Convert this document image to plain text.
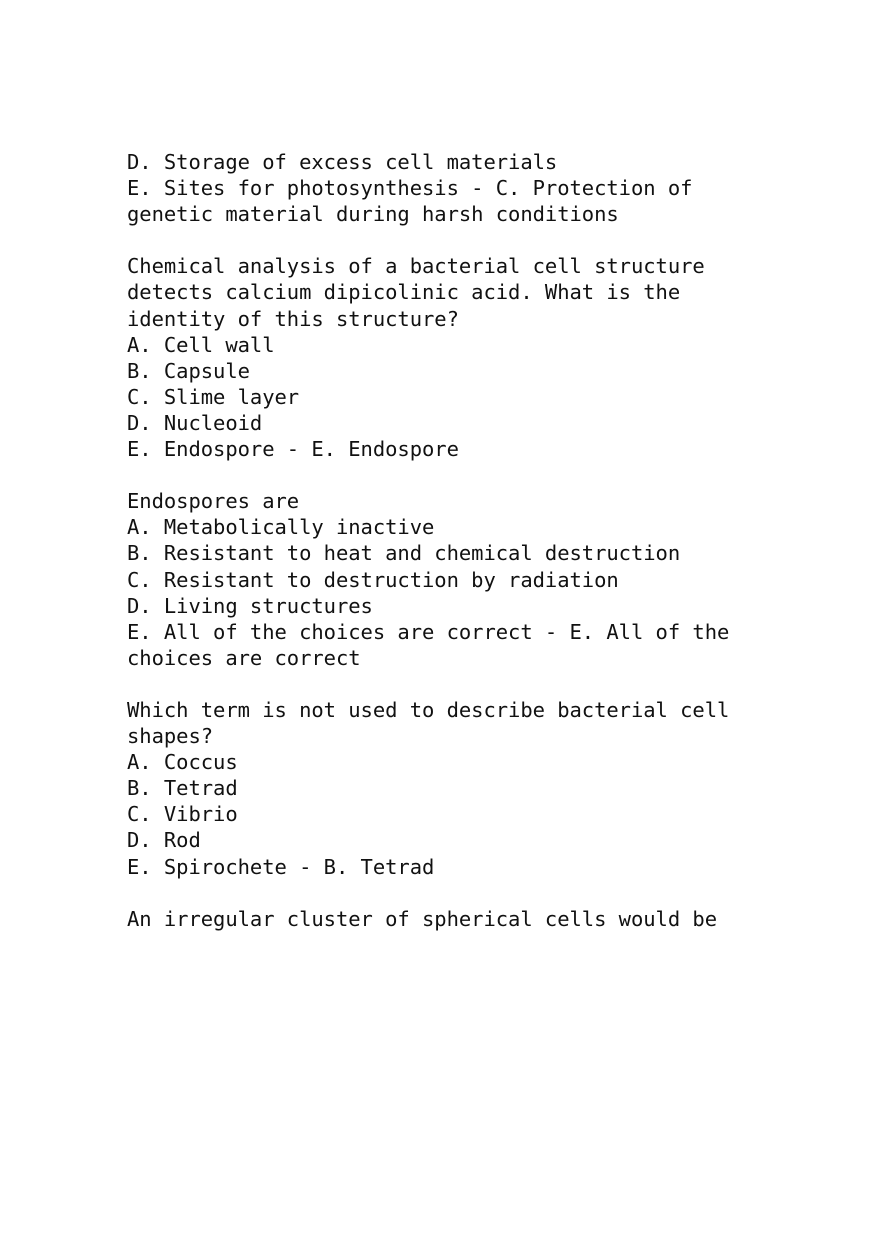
D. Storage of excess cell materials
E. Sites for photosynthesis - C. Protection of
genetic material during harsh conditions
Chemical analysis of a bacterial cell structure
detects calcium dipicolinic acid. What is the
identity of this structure?
A. Cell wall
B. Capsule
C. Slime layer
D. Nucleoid
E. Endospore - E. Endospore
Endospores are
A. Metabolically inactive
B. Resistant to heat and chemical destruction
C. Resistant to destruction by radiation
D. Living structures
E. All of the choices are correct - E. All of the
choices are correct
Which term is not used to describe bacterial cell
shapes?
A. Coccus
B. Tetrad
C. Vibrio
D. Rod
E. Spirochete - B. Tetrad
An irregular cluster of spherical cells would be
